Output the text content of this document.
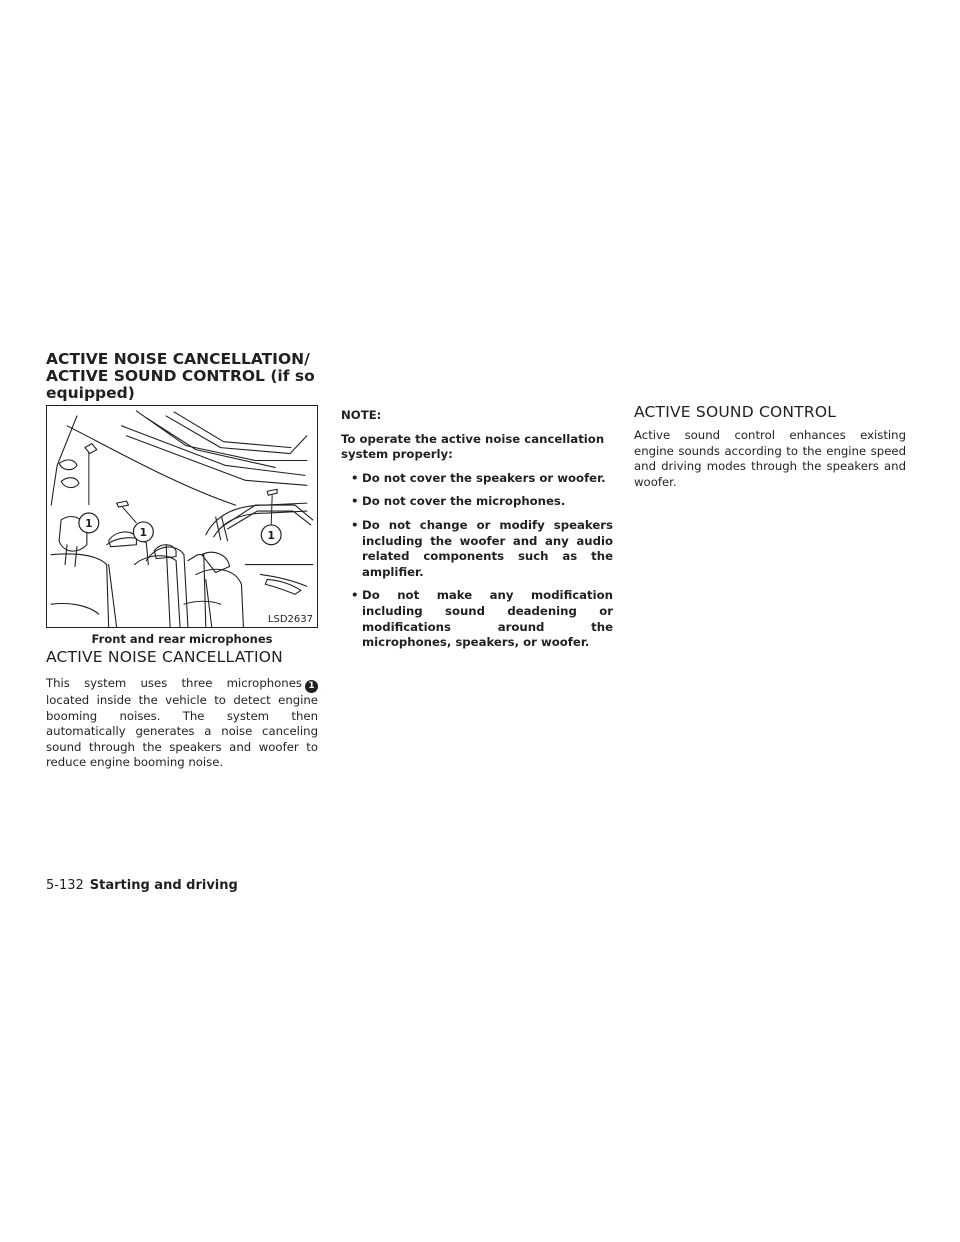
ACTIVE NOISE CANCELLATION/
ACTIVE SOUND CONTROL (if so
equipped)
1
1	1
LSD2637
Front and rear microphones
ACTIVE NOISE CANCELLATION

This system uses three microphones 1 located inside the vehicle to detect engine booming noises. The system then automatically generates a noise canceling sound through the speakers and woofer to reduce engine booming noise.

NOTE:

To operate the active noise cancellation system properly:

• Do not cover the speakers or woofer.
• Do not cover the microphones.
• Do not change or modify speakers including the woofer and any audio related components such as the amplifier.
• Do not make any modification including sound deadening or modifications around the microphones, speakers, or woofer.
ACTIVE SOUND CONTROL

Active sound control enhances existing engine sounds according to the engine speed and driving modes through the speakers and woofer.

5-132 Starting and driving
